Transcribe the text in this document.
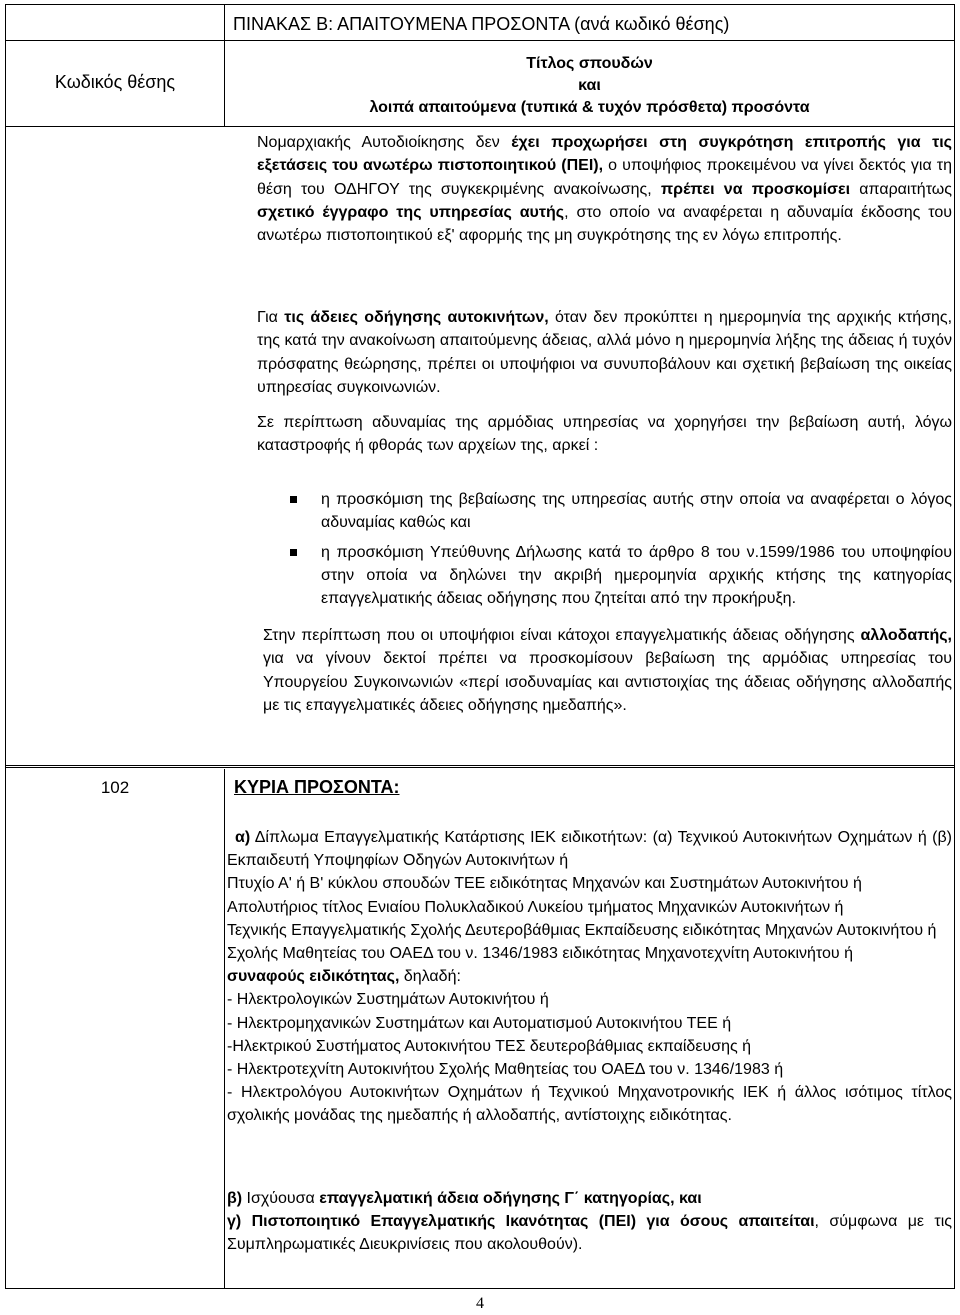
ΠΙΝΑΚΑΣ Β: ΑΠΑΙΤΟΥΜΕΝΑ ΠΡΟΣΟΝΤΑ (ανά κωδικό θέσης)
Κωδικός θέσης
Τίτλος σπουδών
και
λοιπά απαιτούμενα (τυπικά & τυχόν πρόσθετα) προσόντα

Νομαρχιακής Αυτοδιοίκησης δεν έχει προχωρήσει στη συγκρότηση επιτροπής για τις εξετάσεις του ανωτέρω πιστοποιητικού (ΠΕΙ), ο υποψήφιος προκειμένου να γίνει δεκτός για τη θέση του ΟΔΗΓΟΥ της συγκεκριμένης ανακοίνωσης, πρέπει να προσκομίσει απαραιτήτως σχετικό έγγραφο της υπηρεσίας αυτής, στο οποίο να αναφέρεται η αδυναμία έκδοσης του ανωτέρω πιστοποιητικού εξ' αφορμής της μη συγκρότησης της εν λόγω επιτροπής.

Για τις άδειες οδήγησης αυτοκινήτων, όταν δεν προκύπτει η ημερομηνία της αρχικής κτήσης, της κατά την ανακοίνωση απαιτούμενης άδειας, αλλά μόνο η ημερομηνία λήξης της άδειας ή τυχόν πρόσφατης θεώρησης, πρέπει οι υποψήφιοι να συνυποβάλουν και σχετική βεβαίωση της οικείας υπηρεσίας συγκοινωνιών.

Σε περίπτωση αδυναμίας της αρμόδιας υπηρεσίας να χορηγήσει την βεβαίωση αυτή, λόγω καταστροφής ή φθοράς των αρχείων της, αρκεί :

η προσκόμιση της βεβαίωσης της υπηρεσίας αυτής στην οποία να αναφέρεται ο λόγος αδυναμίας καθώς και
η προσκόμιση Υπεύθυνης Δήλωσης κατά το άρθρο 8 του ν.1599/1986 του υποψηφίου στην οποία να δηλώνει την ακριβή ημερομηνία αρχικής κτήσης της κατηγορίας επαγγελματικής άδειας οδήγησης που ζητείται από την προκήρυξη.

Στην περίπτωση που οι υποψήφιοι είναι κάτοχοι επαγγελματικής άδειας οδήγησης αλλοδαπής, για να γίνουν δεκτοί πρέπει να προσκομίσουν βεβαίωση της αρμόδιας υπηρεσίας του Υπουργείου Συγκοινωνιών «περί ισοδυναμίας και αντιστοιχίας της άδειας οδήγησης αλλοδαπής με τις επαγγελματικές άδειες οδήγησης ημεδαπής».

102	ΚΥΡΙΑ ΠΡΟΣΟΝΤΑ:

α) Δίπλωμα Επαγγελματικής Κατάρτισης ΙΕΚ ειδικοτήτων: (α) Τεχνικού Αυτοκινήτων Οχημάτων ή (β) Εκπαιδευτή Υποψηφίων Οδηγών Αυτοκινήτων ή

Πτυχίο Α' ή Β' κύκλου σπουδών ΤΕΕ ειδικότητας Μηχανών και Συστημάτων Αυτοκινήτου ή

Απολυτήριος τίτλος Ενιαίου Πολυκλαδικού Λυκείου τμήματος Μηχανικών Αυτοκινήτων ή

Τεχνικής Επαγγελματικής Σχολής Δευτεροβάθμιας Εκπαίδευσης ειδικότητας Μηχανών Αυτοκινήτου ή

Σχολής Μαθητείας του ΟΑΕΔ του ν. 1346/1983 ειδικότητας Μηχανοτεχνίτη Αυτοκινήτου ή

συναφούς ειδικότητας, δηλαδή:

- Ηλεκτρολογικών Συστημάτων Αυτοκινήτου ή

- Ηλεκτρομηχανικών Συστημάτων και Αυτοματισμού Αυτοκινήτου ΤΕΕ ή

-Ηλεκτρικού Συστήματος Αυτοκινήτου ΤΕΣ δευτεροβάθμιας εκπαίδευσης ή

- Ηλεκτροτεχνίτη Αυτοκινήτου Σχολής Μαθητείας του ΟΑΕΔ του ν. 1346/1983 ή

- Ηλεκτρολόγου Αυτοκινήτων Οχημάτων ή Τεχνικού Μηχανοτρονικής ΙΕΚ ή άλλος ισότιμος τίτλος σχολικής μονάδας της ημεδαπής ή αλλοδαπής, αντίστοιχης ειδικότητας.

β) Ισχύουσα επαγγελματική άδεια οδήγησης Γ΄ κατηγορίας, και

γ) Πιστοποιητικό Επαγγελματικής Ικανότητας (ΠΕΙ) για όσους απαιτείται, σύμφωνα με τις Συμπληρωματικές Διευκρινίσεις που ακολουθούν).

4
